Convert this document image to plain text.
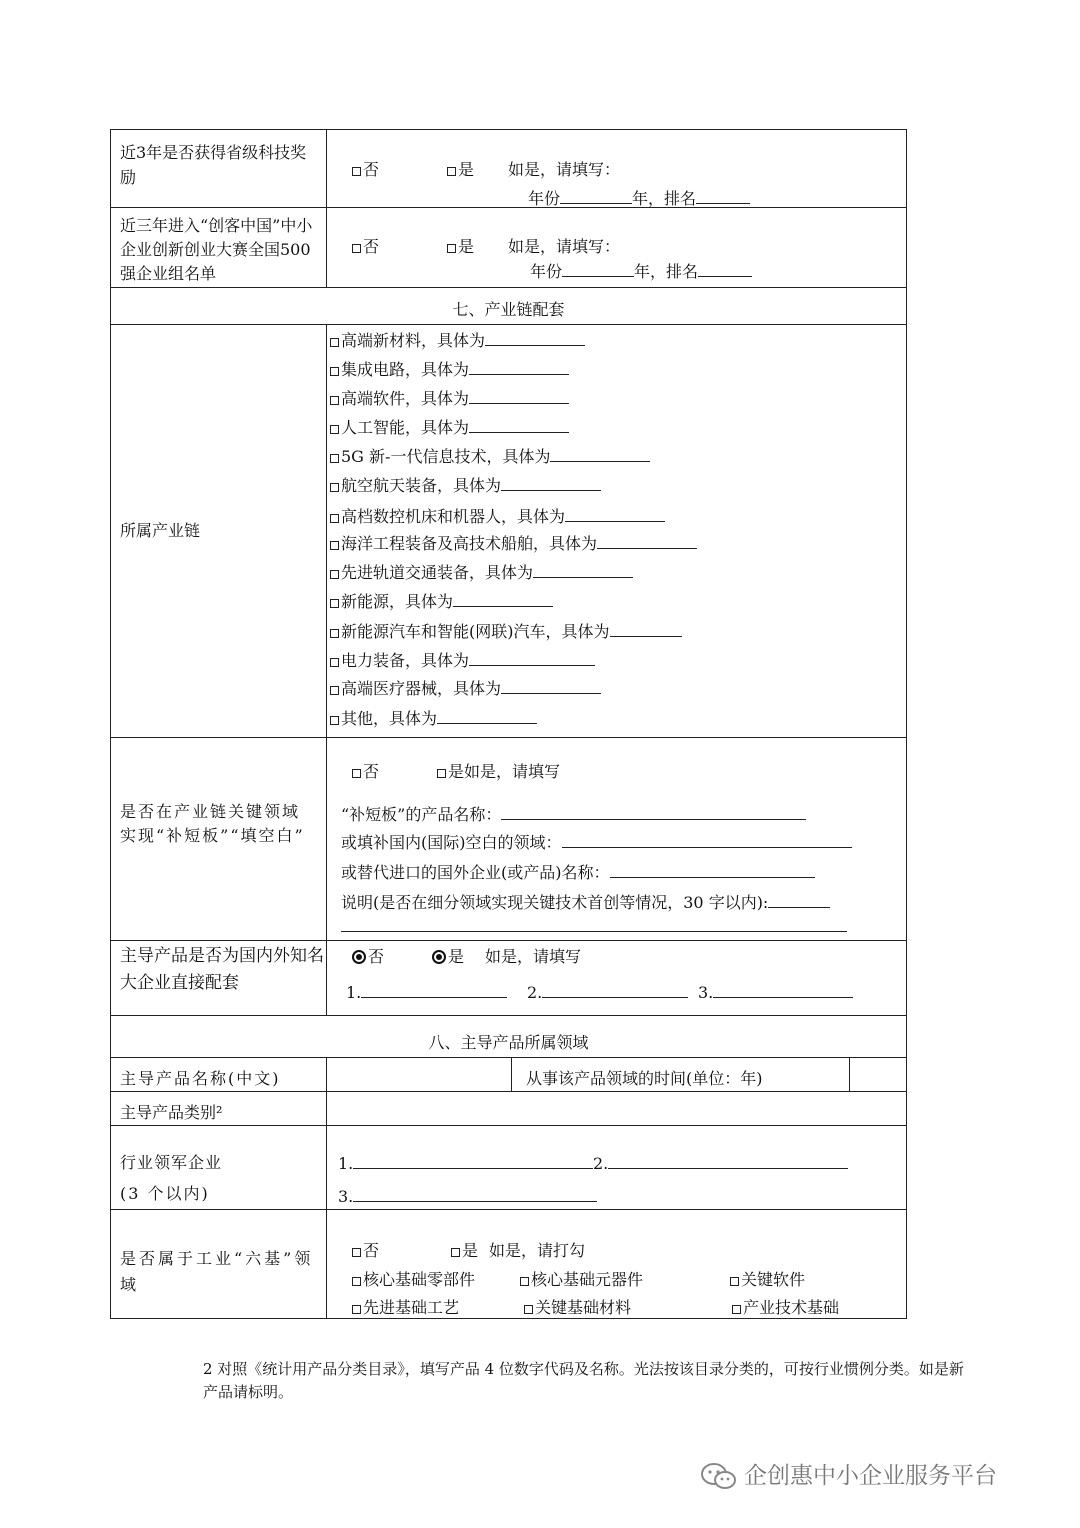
近3年是否获得省级科技奖励	否	是 如是，请填写：
年份	年，排名
近三年进入“创客中国”中小企业创新创业大赛全国500强企业组名单
否	是 如是，请填写：
年份	年，排名
七、产业链配套
所属产业链
高端新材料，具体为
集成电路，具体为
高端软件，具体为
人工智能，具体为
5G 新-一代信息技术，具体为
航空航天装备，具体为
高档数控机床和机器人，具体为
海洋工程装备及高技术船舶，具体为
先进轨道交通装备，具体为
新能源，具体为
新能源汽车和智能(网联)汽车，具体为
电力装备，具体为
高端医疗器械，具体为
其他，具体为
是否在产业链关键领域实现“补短板”“填空白”
否	是如是，请填写
“补短板”的产品名称：
或填补国内(国际)空白的领域：
或替代进口的国外企业(或产品)名称：
说明(是否在细分领域实现关键技术首创等情况，30 字以内):
主导产品是否为国内外知名大企业直接配套
否	是 如是，请填写
1.	2.	3.
八、主导产品所属领域
主导产品名称(中文)	从事该产品领域的时间(单位：年)
主导产品类别²
行业领军企业
(3 个以内)
1.	2.
3.
是否属于工业“六基”领域
否	是 如是，请打勾
核心基础零部件	核心基础元器件	关键软件
先进基础工艺	关键基础材料	产业技术基础
2 对照《统计用产品分类目录》，填写产品 4 位数字代码及名称。光法按该目录分类的，可按行业惯例分类。如是新产品请标明。
企创惠中小企业服务平台
